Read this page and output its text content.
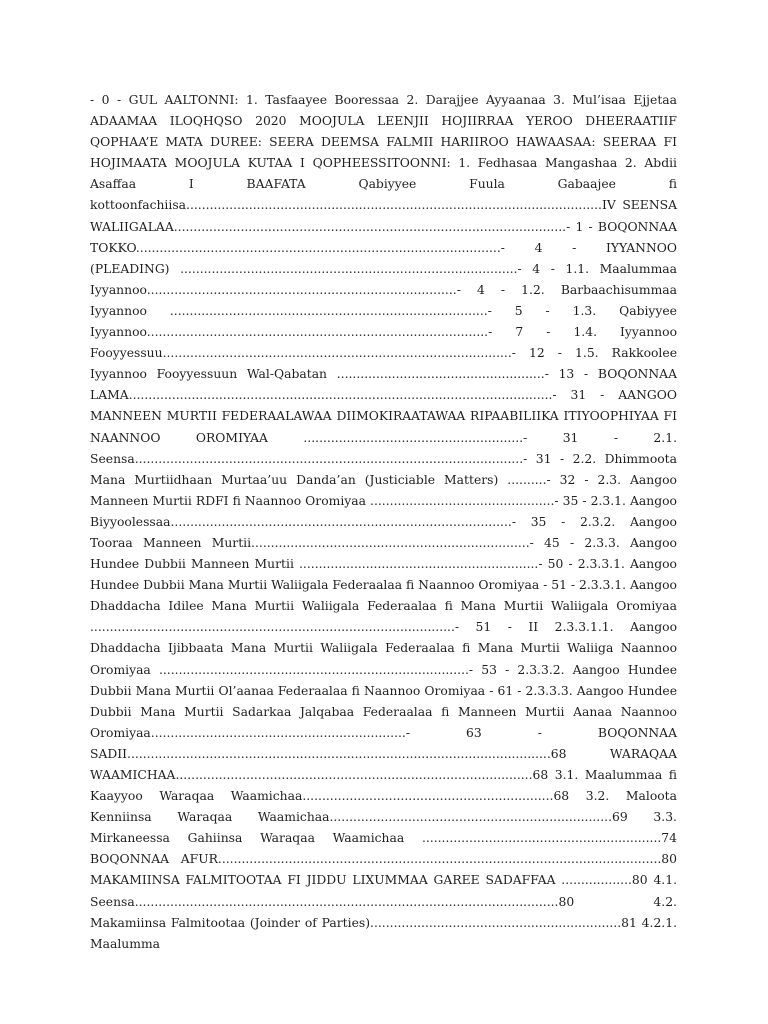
- 0 - GUL AALTONNI: 1. Tasfaayee Booressaa 2. Darajjee Ayyaanaa 3. Mul’isaa Ejjetaa ADAAMAA ILOQHQSO 2020 MOOJULA LEENJII HOJIIRRAA YEROO DHEERAATIIF QOPHAA’E MATA DUREE: SEERA DEEMSA FALMII HARIIROO HAWAASAA: SEERAA FI HOJIMAATA MOOJULA KUTAA I QOPHEESSITOONNI: 1. Fedhasaa Mangashaa 2. Abdii Asaffaa I BAAFATA Qabiyyee Fuula Gabaajee fi kottoonfachiisa..........................................................................................................IV SEENSA WALIIGALAA....................................................................................................- 1 - BOQONNAA TOKKO.............................................................................................- 4 - IYYANNOO (PLEADING) ......................................................................................- 4 - 1.1. Maalummaa Iyyannoo...............................................................................- 4 - 1.2. Barbaachisummaa Iyyannoo .................................................................................- 5 - 1.3. Qabiyyee Iyyannoo.......................................................................................- 7 - 1.4. Iyyannoo Fooyyessuu.........................................................................................- 12 - 1.5. Rakkoolee Iyyannoo Fooyyessuun Wal-Qabatan .....................................................- 13 - BOQONNAA LAMA............................................................................................................- 31 - AANGOO MANNEEN MURTII FEDERAALAWAA DIIMOKIRAATAWAA RIPAABILIIKA ITIYOOPHIYAA FI NAANNOO OROMIYAA ........................................................- 31 - 2.1. Seensa...................................................................................................- 31 - 2.2. Dhimmoota Mana Murtiidhaan Murtaa’uu Danda’an (Justiciable Matters) ..........- 32 - 2.3. Aangoo Manneen Murtii RDFI fi Naannoo Oromiyaa ...............................................- 35 - 2.3.1. Aangoo Biyyoolessaa.......................................................................................- 35 - 2.3.2. Aangoo Tooraa Manneen Murtii.......................................................................- 45 - 2.3.3. Aangoo Hundee Dubbii Manneen Murtii .............................................................- 50 - 2.3.3.1. Aangoo Hundee Dubbii Mana Murtii Waliigala Federaalaa fi Naannoo Oromiyaa - 51 - 2.3.3.1. Aangoo Dhaddacha Idilee Mana Murtii Waliigala Federaalaa fi Mana Murtii Waliigala Oromiyaa .............................................................................................- 51 - II 2.3.3.1.1. Aangoo Dhaddacha Ijibbaata Mana Murtii Waliigala Federaalaa fi Mana Murtii Waliiga Naannoo Oromiyaa ...............................................................................- 53 - 2.3.3.2. Aangoo Hundee Dubbii Mana Murtii Ol’aanaa Federaalaa fi Naannoo Oromiyaa - 61 - 2.3.3.3. Aangoo Hundee Dubbii Mana Murtii Sadarkaa Jalqabaa Federaalaa fi Manneen Murtii Aanaa Naannoo Oromiyaa.................................................................- 63 - BOQONNAA SADII............................................................................................................68 WARAQAA WAAMICHAA...........................................................................................68 3.1. Maalummaa fi Kaayyoo Waraqaa Waamichaa................................................................68 3.2. Maloota Kenniinsa Waraqaa Waamichaa........................................................................69 3.3. Mirkaneessa Gahiinsa Waraqaa Waamichaa .............................................................74 BOQONNAA AFUR.................................................................................................................80 MAKAMIINSA FALMITOOTAA FI JIDDU LIXUMMAA GAREE SADAFFAA ..................80 4.1. Seensa............................................................................................................80 4.2. Makamiinsa Falmitootaa (Joinder of Parties)................................................................81 4.2.1. Maalumma
